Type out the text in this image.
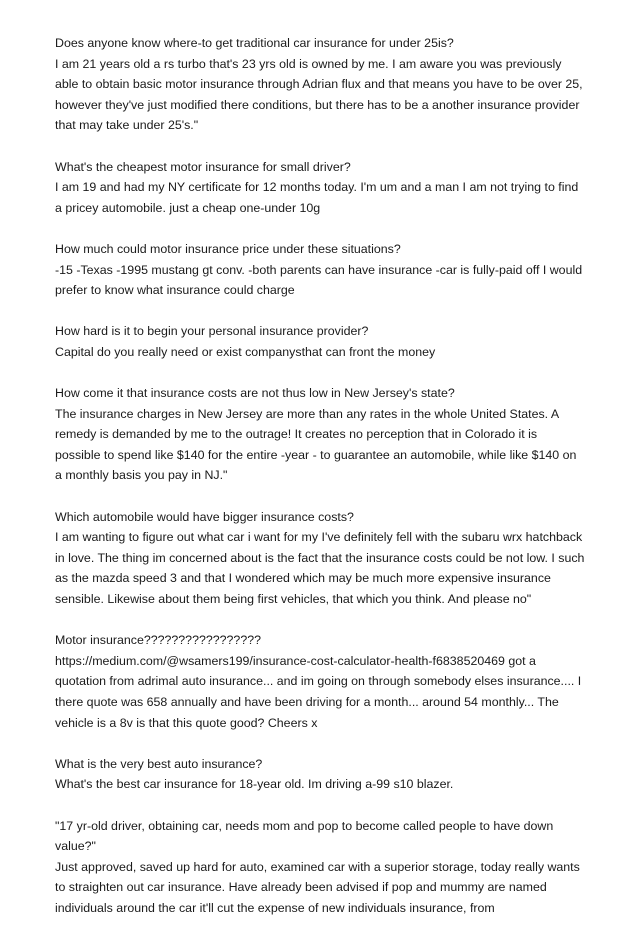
Does anyone know where-to get traditional car insurance for under 25is?

I am 21 years old a rs turbo that's 23 yrs old is owned by me. I am aware you was previously able to obtain basic motor insurance through Adrian flux and that means you have to be over 25, however they've just modified there conditions, but there has to be a another insurance provider that may take under 25's."

What's the cheapest motor insurance for small driver?

I am 19 and had my NY certificate for 12 months today. I'm um and a man I am not trying to find a pricey automobile. just a cheap one-under 10g

How much could motor insurance price under these situations?

-15 -Texas -1995 mustang gt conv. -both parents can have insurance -car is fully-paid off I would prefer to know what insurance could charge

How hard is it to begin your personal insurance provider?

Capital do you really need or exist companysthat can front the money

How come it that insurance costs are not thus low in New Jersey's state?

The insurance charges in New Jersey are more than any rates in the whole United States. A remedy is demanded by me to the outrage! It creates no perception that in Colorado it is possible to spend like $140 for the entire -year - to guarantee an automobile, while like $140 on a monthly basis you pay in NJ."

Which automobile would have bigger insurance costs?

I am wanting to figure out what car i want for my I've definitely fell with the subaru wrx hatchback in love. The thing im concerned about is the fact that the insurance costs could be not low. I such as the mazda speed 3 and that I wondered which may be much more expensive insurance sensible. Likewise about them being first vehicles, that which you think. And please no"

Motor insurance?????????????????

https://medium.com/@wsamers199/insurance-cost-calculator-health-f6838520469 got a quotation from adrimal auto insurance... and im going on through somebody elses insurance.... I there quote was 658 annually and have been driving for a month... around 54 monthly... The vehicle is a 8v is that this quote good? Cheers x

What is the very best auto insurance?

What's the best car insurance for 18-year old. Im driving a-99 s10 blazer.

"17 yr-old driver, obtaining car, needs mom and pop to become called people to have down value?"

Just approved, saved up hard for auto, examined car with a superior storage, today really wants to straighten out car insurance. Have already been advised if pop and mummy are named individuals around the car it'll cut the expense of new individuals insurance, from
